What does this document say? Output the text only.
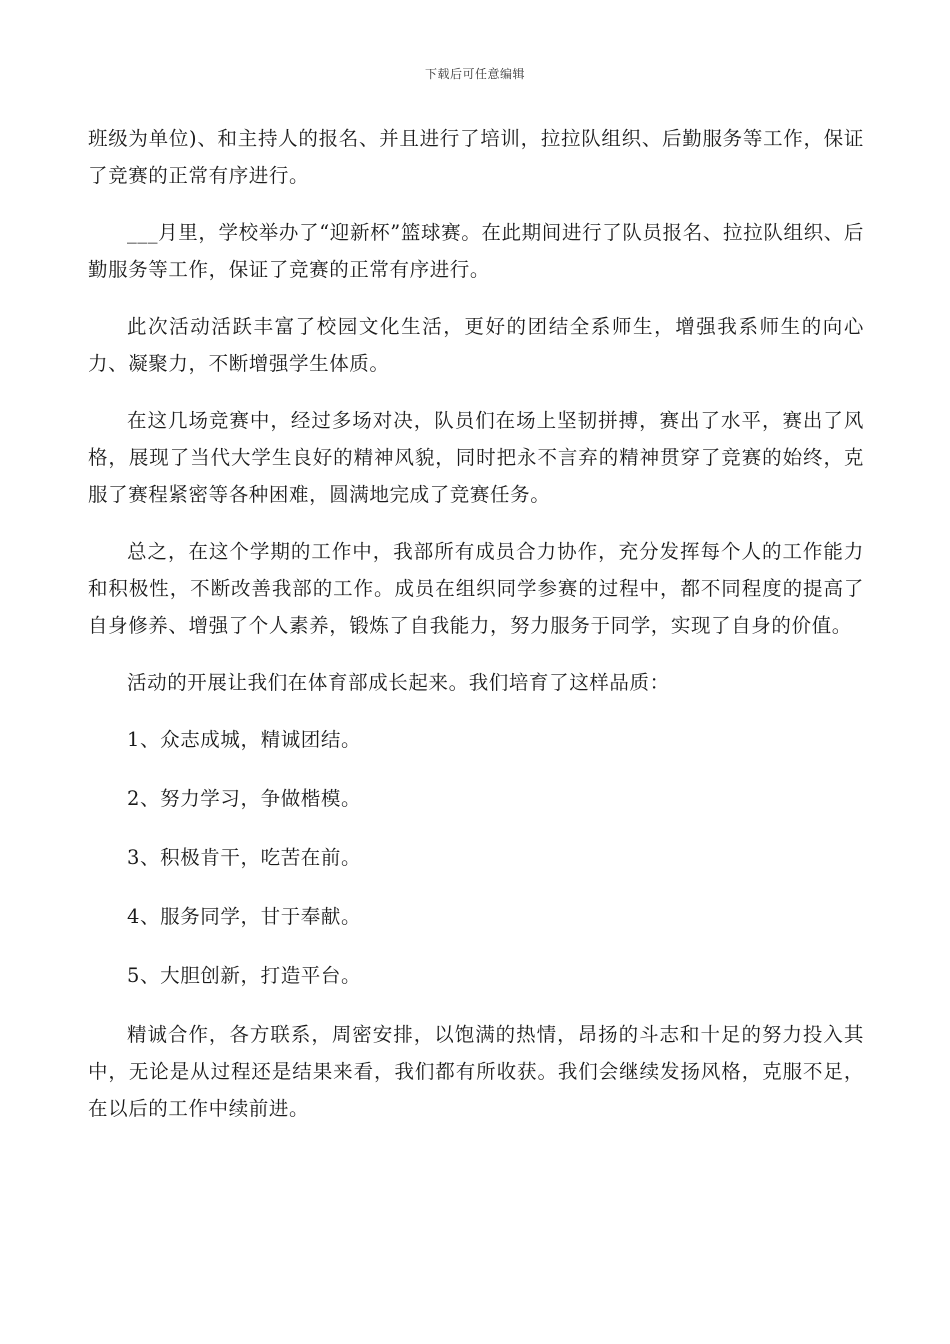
下载后可任意编辑

班级为单位)、和主持人的报名、并且进行了培训，拉拉队组织、后勤服务等工作，保证了竞赛的正常有序进行。

___月里，学校举办了“迎新杯”篮球赛。在此期间进行了队员报名、拉拉队组织、后勤服务等工作，保证了竞赛的正常有序进行。

此次活动活跃丰富了校园文化生活，更好的团结全系师生，增强我系师生的向心力、凝聚力，不断增强学生体质。

在这几场竞赛中，经过多场对决，队员们在场上坚韧拼搏，赛出了水平，赛出了风格，展现了当代大学生良好的精神风貌，同时把永不言弃的精神贯穿了竞赛的始终，克服了赛程紧密等各种困难，圆满地完成了竞赛任务。

总之，在这个学期的工作中，我部所有成员合力协作，充分发挥每个人的工作能力和积极性，不断改善我部的工作。成员在组织同学参赛的过程中，都不同程度的提高了自身修养、增强了个人素养，锻炼了自我能力，努力服务于同学，实现了自身的价值。

活动的开展让我们在体育部成长起来。我们培育了这样品质：

1、众志成城，精诚团结。

2、努力学习，争做楷模。

3、积极肯干，吃苦在前。

4、服务同学，甘于奉献。

5、大胆创新，打造平台。

精诚合作，各方联系，周密安排，以饱满的热情，昂扬的斗志和十足的努力投入其中，无论是从过程还是结果来看，我们都有所收获。我们会继续发扬风格，克服不足，在以后的工作中续前进。
